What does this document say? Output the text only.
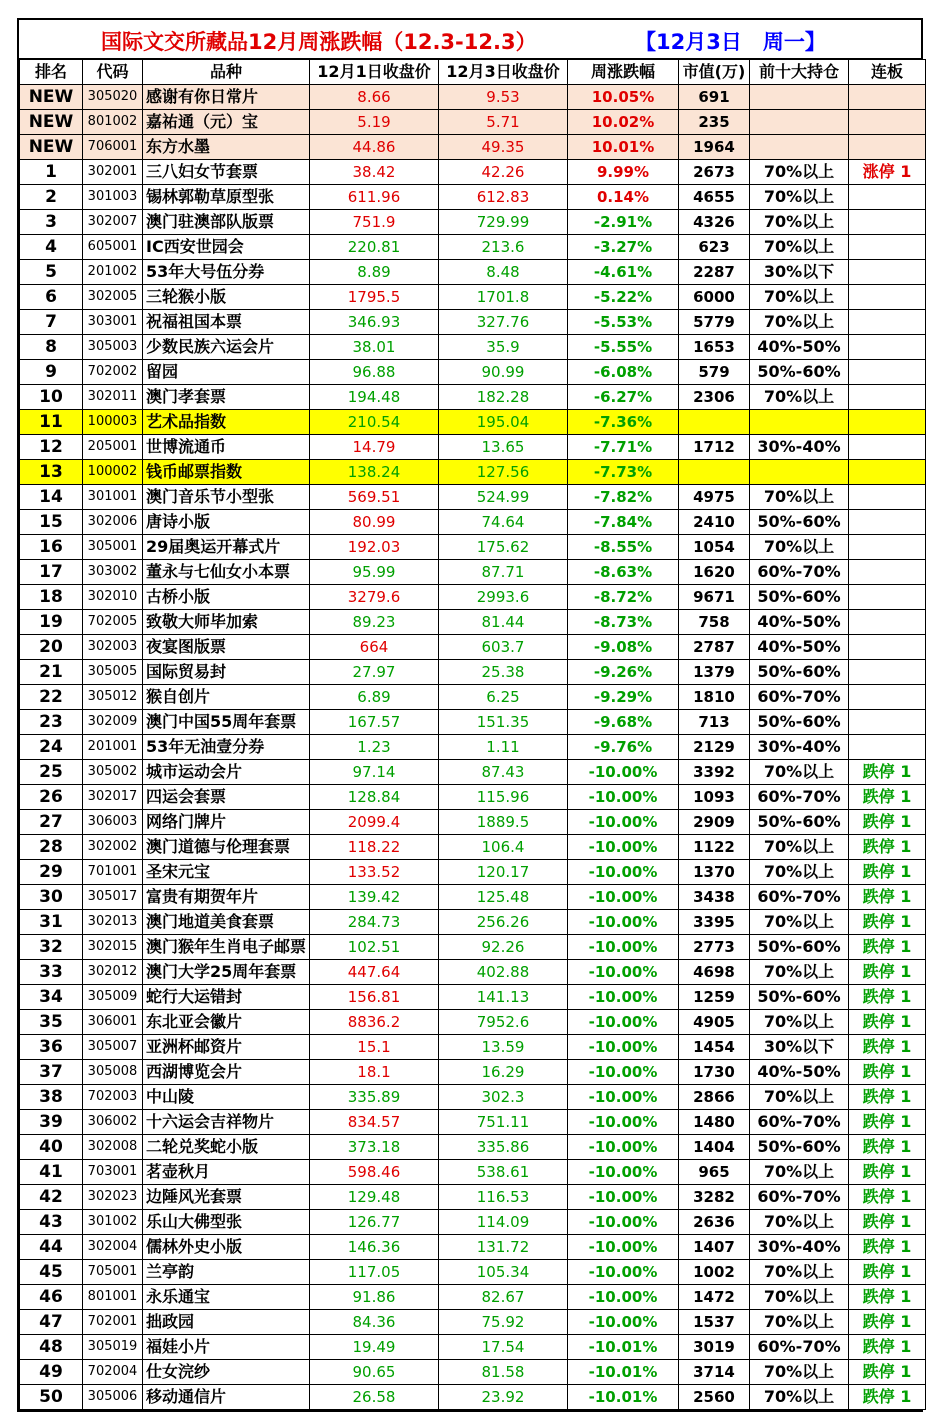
国际文交所藏品12月周涨跌幅（12.3-12.3）	【12月3日　周一】
排名	代码	品种	12月1日收盘价	12月3日收盘价	周涨跌幅	市值(万)	前十大持仓	连板
NEW	305020	感谢有你日常片	8.66	9.53	10.05%	691		
NEW	801002	嘉祐通（元）宝	5.19	5.71	10.02%	235		
NEW	706001	东方水墨	44.86	49.35	10.01%	1964		
1	302001	三八妇女节套票	38.42	42.26	9.99%	2673	70%以上	涨停 1
2	301003	锡林郭勒草原型张	611.96	612.83	0.14%	4655	70%以上	
3	302007	澳门驻澳部队版票	751.9	729.99	-2.91%	4326	70%以上	
4	605001	IC西安世园会	220.81	213.6	-3.27%	623	70%以上	
5	201002	53年大号伍分券	8.89	8.48	-4.61%	2287	30%以下	
6	302005	三轮猴小版	1795.5	1701.8	-5.22%	6000	70%以上	
7	303001	祝福祖国本票	346.93	327.76	-5.53%	5779	70%以上	
8	305003	少数民族六运会片	38.01	35.9	-5.55%	1653	40%-50%	
9	702002	留园	96.88	90.99	-6.08%	579	50%-60%	
10	302011	澳门孝套票	194.48	182.28	-6.27%	2306	70%以上	
11	100003	艺术品指数	210.54	195.04	-7.36%			
12	205001	世博流通币	14.79	13.65	-7.71%	1712	30%-40%	
13	100002	钱币邮票指数	138.24	127.56	-7.73%			
14	301001	澳门音乐节小型张	569.51	524.99	-7.82%	4975	70%以上	
15	302006	唐诗小版	80.99	74.64	-7.84%	2410	50%-60%	
16	305001	29届奥运开幕式片	192.03	175.62	-8.55%	1054	70%以上	
17	303002	董永与七仙女小本票	95.99	87.71	-8.63%	1620	60%-70%	
18	302010	古桥小版	3279.6	2993.6	-8.72%	9671	50%-60%	
19	702005	致敬大师毕加索	89.23	81.44	-8.73%	758	40%-50%	
20	302003	夜宴图版票	664	603.7	-9.08%	2787	40%-50%	
21	305005	国际贸易封	27.97	25.38	-9.26%	1379	50%-60%	
22	305012	猴自创片	6.89	6.25	-9.29%	1810	60%-70%	
23	302009	澳门中国55周年套票	167.57	151.35	-9.68%	713	50%-60%	
24	201001	53年无油壹分券	1.23	1.11	-9.76%	2129	30%-40%	
25	305002	城市运动会片	97.14	87.43	-10.00%	3392	70%以上	跌停 1
26	302017	四运会套票	128.84	115.96	-10.00%	1093	60%-70%	跌停 1
27	306003	网络门牌片	2099.4	1889.5	-10.00%	2909	50%-60%	跌停 1
28	302002	澳门道德与伦理套票	118.22	106.4	-10.00%	1122	70%以上	跌停 1
29	701001	圣宋元宝	133.52	120.17	-10.00%	1370	70%以上	跌停 1
30	305017	富贵有期贺年片	139.42	125.48	-10.00%	3438	60%-70%	跌停 1
31	302013	澳门地道美食套票	284.73	256.26	-10.00%	3395	70%以上	跌停 1
32	302015	澳门猴年生肖电子邮票	102.51	92.26	-10.00%	2773	50%-60%	跌停 1
33	302012	澳门大学25周年套票	447.64	402.88	-10.00%	4698	70%以上	跌停 1
34	305009	蛇行大运错封	156.81	141.13	-10.00%	1259	50%-60%	跌停 1
35	306001	东北亚会徽片	8836.2	7952.6	-10.00%	4905	70%以上	跌停 1
36	305007	亚洲杯邮资片	15.1	13.59	-10.00%	1454	30%以下	跌停 1
37	305008	西湖博览会片	18.1	16.29	-10.00%	1730	40%-50%	跌停 1
38	702003	中山陵	335.89	302.3	-10.00%	2866	70%以上	跌停 1
39	306002	十六运会吉祥物片	834.57	751.11	-10.00%	1480	60%-70%	跌停 1
40	302008	二轮兑奖蛇小版	373.18	335.86	-10.00%	1404	50%-60%	跌停 1
41	703001	茗壶秋月	598.46	538.61	-10.00%	965	70%以上	跌停 1
42	302023	边陲风光套票	129.48	116.53	-10.00%	3282	60%-70%	跌停 1
43	301002	乐山大佛型张	126.77	114.09	-10.00%	2636	70%以上	跌停 1
44	302004	儒林外史小版	146.36	131.72	-10.00%	1407	30%-40%	跌停 1
45	705001	兰亭韵	117.05	105.34	-10.00%	1002	70%以上	跌停 1
46	801001	永乐通宝	91.86	82.67	-10.00%	1472	70%以上	跌停 1
47	702001	拙政园	84.36	75.92	-10.00%	1537	70%以上	跌停 1
48	305019	福娃小片	19.49	17.54	-10.01%	3019	60%-70%	跌停 1
49	702004	仕女浣纱	90.65	81.58	-10.01%	3714	70%以上	跌停 1
50	305006	移动通信片	26.58	23.92	-10.01%	2560	70%以上	跌停 1
